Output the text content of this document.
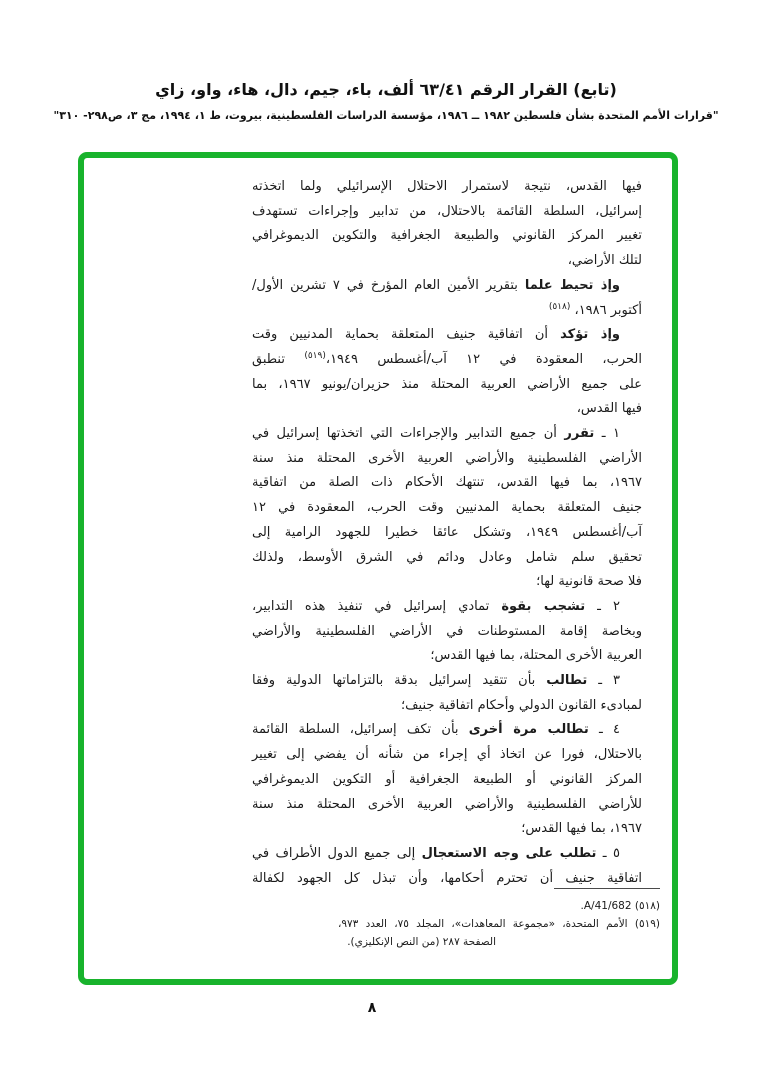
(تابع) القرار الرقم ٦٣/٤١ ألف، باء، جيم، دال، هاء، واو، زاي
"قرارات الأمم المتحدة بشأن فلسطين ١٩٨٢ ــ ١٩٨٦، مؤسسة الدراسات الفلسطينية، بيروت، ط ١، ١٩٩٤، مج ٣، ص٢٩٨- ٣١٠"
فيها القدس، نتيجة لاستمرار الاحتلال الإسرائيلي ولما اتخذته
إسرائيل، السلطة القائمة بالاحتلال، من تدابير وإجراءات تستهدف
تغيير المركز القانوني والطبيعة الجغرافية والتكوين الديموغرافي
لتلك الأراضي،
وإذ تحيط علما بتقرير الأمين العام المؤرخ في ٧ تشرين الأول/
أكتوبر ١٩٨٦، $^{(٥١٨)}$
وإذ تؤكد أن اتفاقية جنيف المتعلقة بحماية المدنيين وقت
الحرب، المعقودة في ١٢ آب/أغسطس ١٩٤٩،$^{(٥١٩)}$ تنطبق
على جميع الأراضي العربية المحتلة منذ حزيران/يونيو ١٩٦٧، بما
فيها القدس،
١ ـ تقرر أن جميع التدابير والإجراءات التي اتخذتها إسرائيل في
الأراضي الفلسطينية والأراضي العربية الأخرى المحتلة منذ سنة
١٩٦٧، بما فيها القدس، تنتهك الأحكام ذات الصلة من اتفاقية
جنيف المتعلقة بحماية المدنيين وقت الحرب، المعقودة في ١٢
آب/أغسطس ١٩٤٩، وتشكل عائقا خطيرا للجهود الرامية إلى
تحقيق سلم شامل وعادل ودائم في الشرق الأوسط، ولذلك
فلا صحة قانونية لها؛
٢ ـ تشجب بقوة تمادي إسرائيل في تنفيذ هذه التدابير،
وبخاصة إقامة المستوطنات في الأراضي الفلسطينية والأراضي
العربية الأخرى المحتلة، بما فيها القدس؛
٣ ـ تطالب بأن تتقيد إسرائيل بدقة بالتزاماتها الدولية وفقا
لمبادىء القانون الدولي وأحكام اتفاقية جنيف؛
٤ ـ تطالب مرة أخرى بأن تكف إسرائيل، السلطة القائمة
بالاحتلال، فورا عن اتخاذ أي إجراء من شأنه أن يفضي إلى تغيير
المركز القانوني أو الطبيعة الجغرافية أو التكوين الديموغرافي
للأراضي الفلسطينية والأراضي العربية الأخرى المحتلة منذ سنة
١٩٦٧، بما فيها القدس؛
٥ ـ تطلب على وجه الاستعجال إلى جميع الدول الأطراف في
اتفاقية جنيف أن تحترم أحكامها، وأن تبذل كل الجهود لكفالة
(٥١٨) A/41/682.
(٥١٩) الأمم المتحدة، «مجموعة المعاهدات»، المجلد ٧٥، العدد ٩٧٣،
الصفحة ٢٨٧ (من النص الإنكليزي).
٨
